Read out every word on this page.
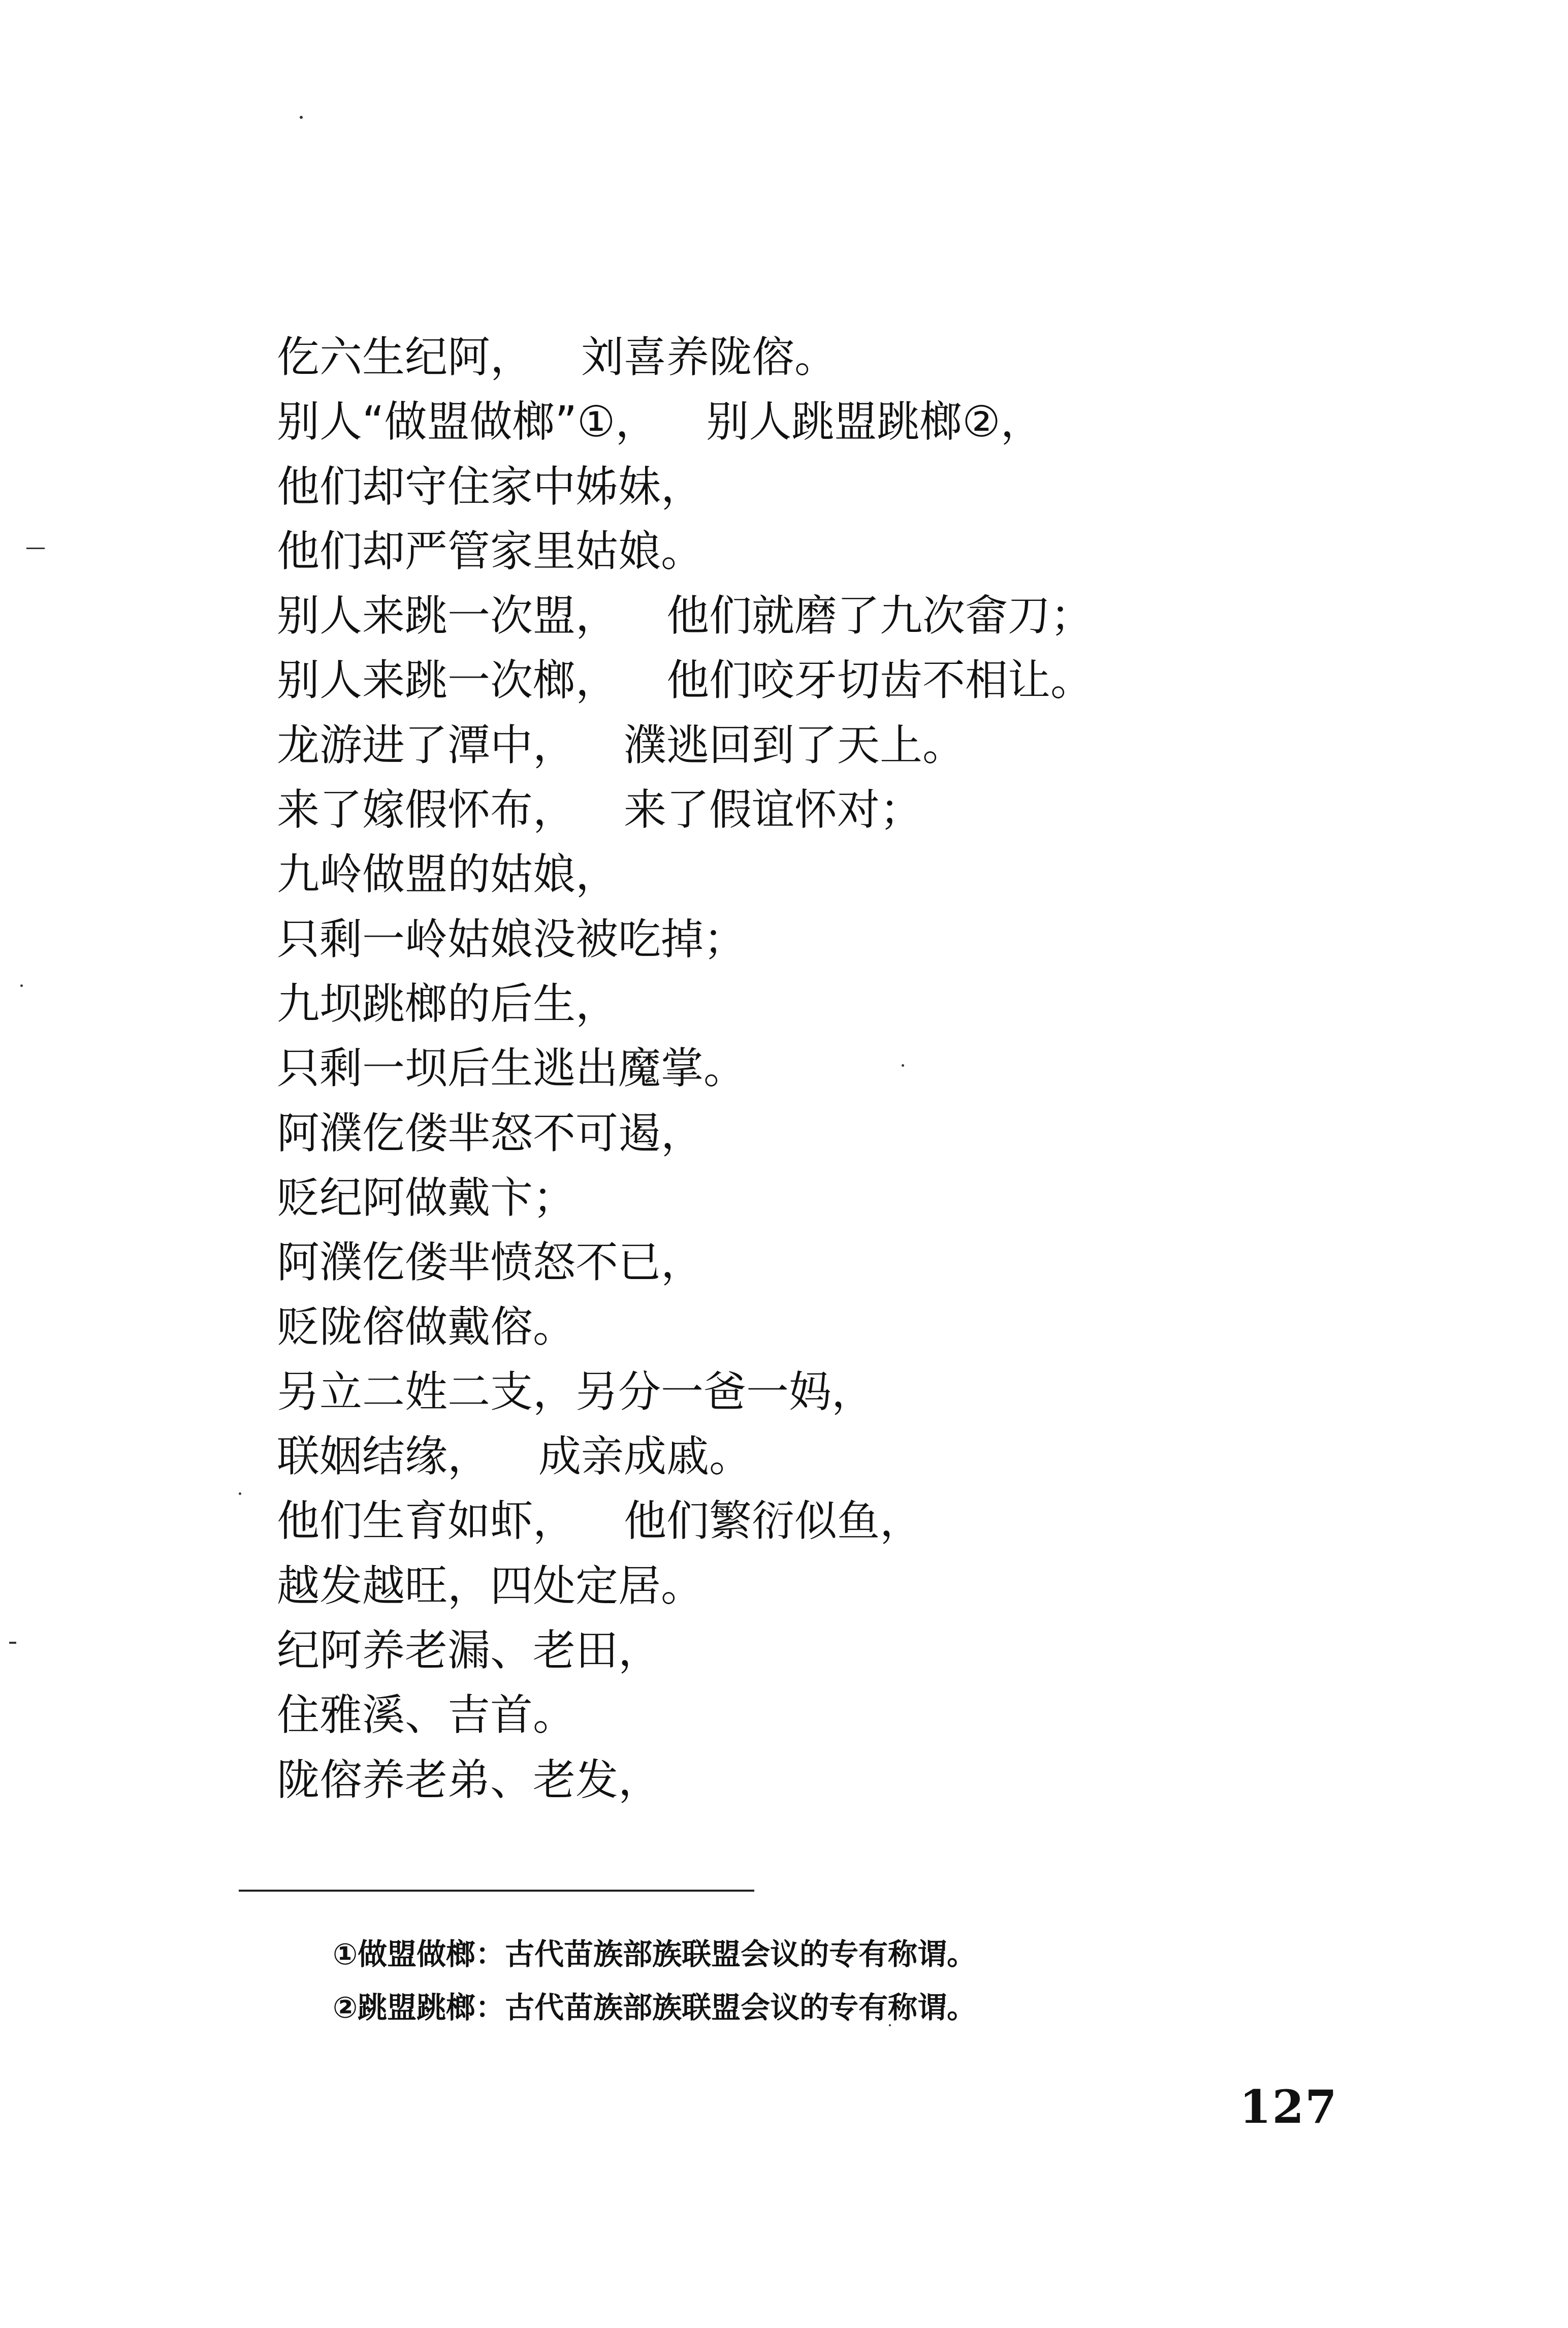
仡六生纪阿， 刘喜养陇傛。
别人“做盟做榔”①， 别人跳盟跳榔②，
他们却守住家中姊妹，
他们却严管家里姑娘。
别人来跳一次盟， 他们就磨了九次畲刀；
别人来跳一次榔， 他们咬牙切齿不相让。
龙游进了潭中， 濮逃回到了天上。
来了嫁假怀布， 来了假谊怀对；
九岭做盟的姑娘，
只剩一岭姑娘没被吃掉；
九坝跳榔的后生，
只剩一坝后生逃出魔掌。
阿濮仡偻芈怒不可遏，
贬纪阿做戴卞；
阿濮仡偻芈愤怒不已，
贬陇傛做戴傛。
另立二姓二支，另分一爸一妈，
联姻结缘， 成亲成戚。
他们生育如虾， 他们繁衍似鱼，
越发越旺，四处定居。
纪阿养老漏、老田，
住雅溪、吉首。
陇傛养老弟、老发，
①做盟做榔：古代苗族部族联盟会议的专有称谓。
②跳盟跳榔：古代苗族部族联盟会议的专有称谓。
127
